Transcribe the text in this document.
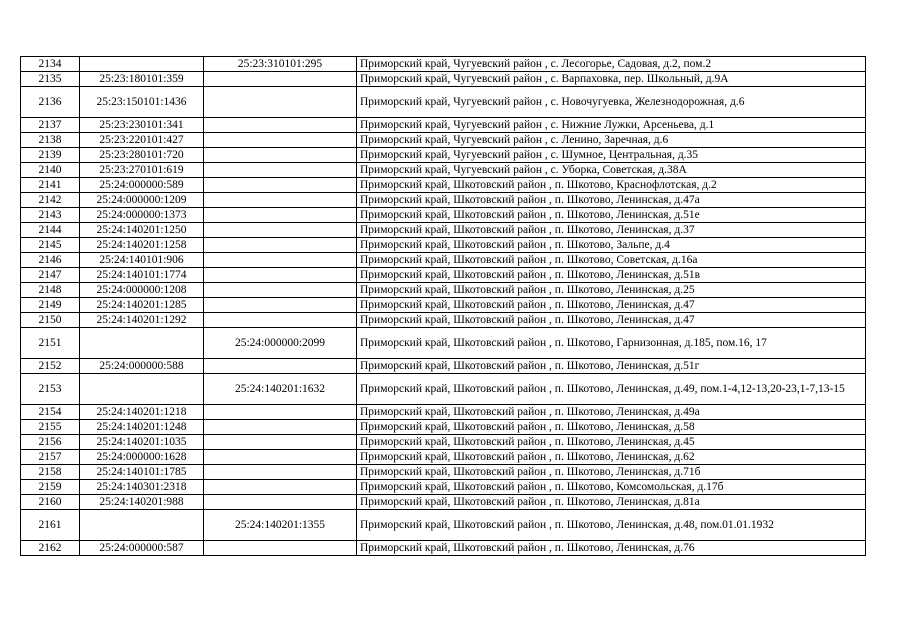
2134		25:23:310101:295	Приморский край, Чугуевский район , с. Лесогорье, Садовая, д.2, пом.2
2135	25:23:180101:359		Приморский край, Чугуевский район , с. Варпаховка, пер. Школьный, д.9А
2136	25:23:150101:1436		Приморский край, Чугуевский район , с. Новочугуевка, Железнодорожная, д.6
2137	25:23:230101:341		Приморский край, Чугуевский район , с. Нижние Лужки, Арсеньева, д.1
2138	25:23:220101:427		Приморский край, Чугуевский район , с. Ленино, Заречная, д.6
2139	25:23:280101:720		Приморский край, Чугуевский район , с. Шумное, Центральная, д.35
2140	25:23:270101:619		Приморский край, Чугуевский район , с. Уборка, Советская, д.38А
2141	25:24:000000:589		Приморский край, Шкотовский район , п. Шкотово, Краснофлотская, д.2
2142	25:24:000000:1209		Приморский край, Шкотовский район , п. Шкотово, Ленинская, д.47а
2143	25:24:000000:1373		Приморский край, Шкотовский район , п. Шкотово, Ленинская, д.51е
2144	25:24:140201:1250		Приморский край, Шкотовский район , п. Шкотово, Ленинская, д.37
2145	25:24:140201:1258		Приморский край, Шкотовский район , п. Шкотово, Зальпе, д.4
2146	25:24:140101:906		Приморский край, Шкотовский район , п. Шкотово, Советская, д.16а
2147	25:24:140101:1774		Приморский край, Шкотовский район , п. Шкотово, Ленинская, д.51в
2148	25:24:000000:1208		Приморский край, Шкотовский район , п. Шкотово, Ленинская, д.25
2149	25:24:140201:1285		Приморский край, Шкотовский район , п. Шкотово, Ленинская, д.47
2150	25:24:140201:1292		Приморский край, Шкотовский район , п. Шкотово, Ленинская, д.47
2151		25:24:000000:2099	Приморский край, Шкотовский район , п. Шкотово, Гарнизонная, д.185, пом.16, 17
2152	25:24:000000:588		Приморский край, Шкотовский район , п. Шкотово, Ленинская, д.51г
2153		25:24:140201:1632	Приморский край, Шкотовский район , п. Шкотово, Ленинская, д.49, пом.1-4,12-13,20-23,1-7,13-15
2154	25:24:140201:1218		Приморский край, Шкотовский район , п. Шкотово, Ленинская, д.49а
2155	25:24:140201:1248		Приморский край, Шкотовский район , п. Шкотово, Ленинская, д.58
2156	25:24:140201:1035		Приморский край, Шкотовский район , п. Шкотово, Ленинская, д.45
2157	25:24:000000:1628		Приморский край, Шкотовский район , п. Шкотово, Ленинская, д.62
2158	25:24:140101:1785		Приморский край, Шкотовский район , п. Шкотово, Ленинская, д.71б
2159	25:24:140301:2318		Приморский край, Шкотовский район , п. Шкотово, Комсомольская, д.17б
2160	25:24:140201:988		Приморский край, Шкотовский район , п. Шкотово, Ленинская, д.81а
2161		25:24:140201:1355	Приморский край, Шкотовский район , п. Шкотово, Ленинская, д.48, пом.01.01.1932
2162	25:24:000000:587		Приморский край, Шкотовский район , п. Шкотово, Ленинская, д.76
